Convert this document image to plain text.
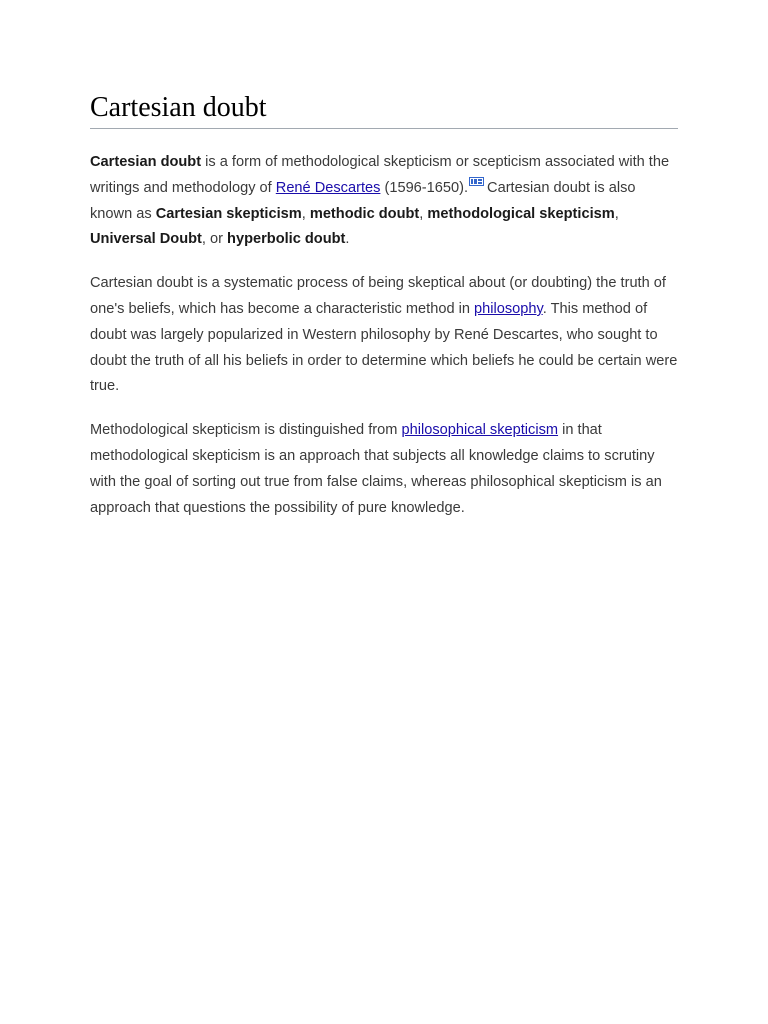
Cartesian doubt

Cartesian doubt is a form of methodological skepticism or scepticism associated with the writings and methodology of René Descartes (1596-1650). Cartesian doubt is also known as Cartesian skepticism, methodic doubt, methodological skepticism, Universal Doubt, or hyperbolic doubt.

Cartesian doubt is a systematic process of being skeptical about (or doubting) the truth of one's beliefs, which has become a characteristic method in philosophy. This method of doubt was largely popularized in Western philosophy by René Descartes, who sought to doubt the truth of all his beliefs in order to determine which beliefs he could be certain were true.

Methodological skepticism is distinguished from philosophical skepticism in that methodological skepticism is an approach that subjects all knowledge claims to scrutiny with the goal of sorting out true from false claims, whereas philosophical skepticism is an approach that questions the possibility of pure knowledge.
